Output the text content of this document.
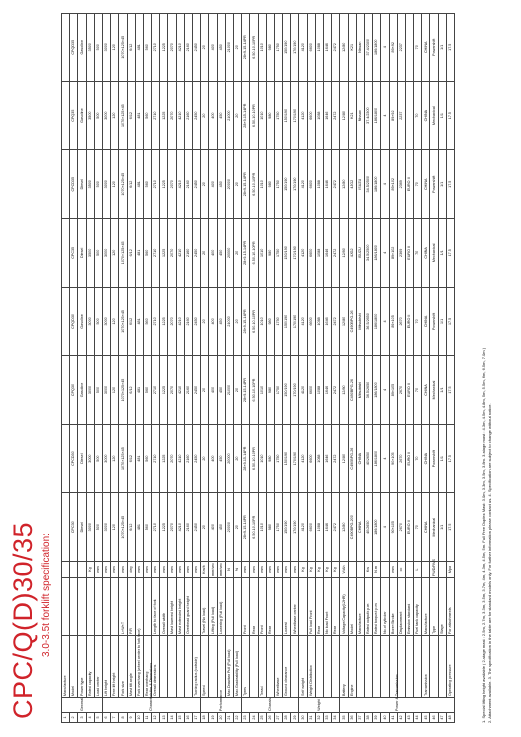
CPC/Q(D)30/35 3.0-3.5t forklift specification:
1	General	Manufacture										
2		Model			CPC30	CPCD30	CPQ30	CPQD30	CPC35	CPCD35	CPQ35	CPQD35
3		Power type			Diesel	Diesel	Gasoline	Gasoline	Diesel	Diesel	Gasoline	Gasoline
4		Rated capacity		Kg	3000	3000	3000	3000	3500	3500	3500	3500
5		Load center		mm	500	500	500	500	500	500	500	500
6	Characteristics & Dimensions	Lift height		mm	3000	3000	3000	3000	3000	3000	3000	3000
7		Free lift height		mm	120	120	120	120	120	120	120	120
8		Fork size	L×W×T	mm	1070×125×45	1070×125×45	1070×125×45	1070×125×45	1070×125×45	1070×125×45	1070×125×45	1070×125×45
9		Mast tilt angle	F/R	deg	6/12	6/12	6/12	6/12	6/12	6/12	6/12	6/12
10		Fork overhang (wheel center to fork face)		mm	481	481	481	481	481	481	481	481
11		Rear overhang		mm	560	560	560	560	560	560	560	560
12		Overall dimensions	Length to face of fork	mm	2710	2710	2710	2710	2710	2710	2710	2710
13			Overall width	mm	1225	1225	1225	1225	1225	1225	1225	1225
14			Mast lowered height	mm	2070	2070	2070	2070	2070	2070	2070	2070
15			Mast extended height	mm	4210	4210	4210	4210	4210	4210	4210	4210
16			Overhead guard height	mm	2160	2160	2160	2160	2160	2160	2160	2160
17		Turning radius (outside)		mm	2450	2450	2450	2450	2450	2450	2450	2450
18	Performance	Speed	Travel (No load)	Km/h	20	20	20	20	20	20	20	20
19			Lifting (Full load)	mm/sec	400	400	400	400	400	400	400	400
20			Lowering (Full load)	mm/sec	450	450	450	450	450	450	450	450
21		Max.Drawbar Pull (Full load)		N	20000	20000	21000	21000	20000	20000	21000	21000
22		Max.Gradeability (Full load)		%	20	20	20	20	20	20	20	20
23	Chassis	Tyres	Front	mm	28×9-15-14PR	28×9-15-14PR	28×9-15-14PR	28×9-15-14PR	28×9-15-14PR	28×9-15-14PR	28×9-15-14PR	28×9-15-14PR
24			Rear	mm	6.50-10-10PR	6.50-10-10PR	6.50-10-10PR	6.50-10-10PR	6.50-10-10PR	6.50-10-10PR	6.50-10-10PR	6.50-10-10PR
25		Tread	Front	mm	1010	1010	1010	1010	1010	1010	1010	1010
26			Rear	mm	980	980	980	980	980	980	980	980
27		Wheelbase		mm	1750	1750	1750	1750	1750	1750	1750	1750
28		Ground clearance	Lowest	mm	150/190	150/190	150/190	150/190	150/190	150/190	150/190	150/190
29			Wheelbase center	mm	170/190	170/190	170/190	170/190	170/190	170/190	170/190	170/190
30	Weight	Self weight		Kg	4120	4120	4120	4120	4120	4120	4120	4120
31		Weight Distribution	Full load Front	Kg	6600	6600	6600	6600	6600	6600	6600	6600
32			Rear	Kg	1088	1088	1088	1088	1088	1088	1088	1088
33			No load Front	Kg	1646	1646	1646	1646	1646	1646	1646	1646
34			Rear	Kg	2472	2472	2472	2472	2472	2472	2472	2472
35	Power & Transmission	Battery	Voltage/Capacity(12HR)	V/Ah	12/80	12/80	12/80	12/80	12/80	12/80	12/80	12/80
36		Engine	Model		C490BPG-200	C490BPG-26	C490BPG-26	C490BPG-26	4JG2	4JG2	K21	K21
37			Manufacture		CHINA	CHINA	Mitsubishi	Mitsubishi	ISUZU	ISUZU	Nissan	Nissan
38			Rated output/r.p.m	Kw	40/2650	40/2650	36.5/2650	36.5/2650	34.5/2500	34.5/2500	37.4/2300	37.4/2300
39			Rated torque/r.p.m	N.m	186/1800	186/1800	186/1800	186/1800	186/1800	186/1800	186/1800	186/1800
40			No.of cylinder		4	4	4	4	4	4	4	4
41			Bore×Stroke	mm	90×105	90×105	89×105	89×105	89×102	89×102	89×92	89×92
42			Displacement	cc	2670	2670	2670	2670	2369	2369	2237	2237
43			Emission standard		EURO II	EURO II	EURO II	EURO II	EURO II	EURO II		
44			Fuel tank capacity	L	70	70	70	70	70	70	70	70
45		Transmission	Manufacture		CHINA	CHINA	CHINA	CHINA	CHINA	CHINA	CHINA	CHINA
46			Type	FWD/RVS	Mechanical	Powershift	Mechanical	Powershift	Mechanical	Powershift	Mechanical	Powershift
47			Stage		1/1	1/1	1/1	1/1	1/1	1/1	1/1	1/1
48		Operating pressure	For attachments	Mpa	17.5	17.5	17.5	17.5	17.5	17.5	17.5	17.5
1. Special lifting height available ( 2-stage mast : 2.5m, 2.7m, 3.3m, 3.5m, 3.7m, 4m, 4.3m, 4.5m, 5m. Full Free Duplex Mast: 3.0m, 3.3m, 3.5m, 3.8m. 3-stage mast : 4.3m, 4.5m, 4.8m, 5m, 5.5m, 6m, 6.5m, 7.0m ) 2. Attachment available. 3. The specification in the table are for standard models only. For further information please contact us. 4. Specification are subject to change without notice.
